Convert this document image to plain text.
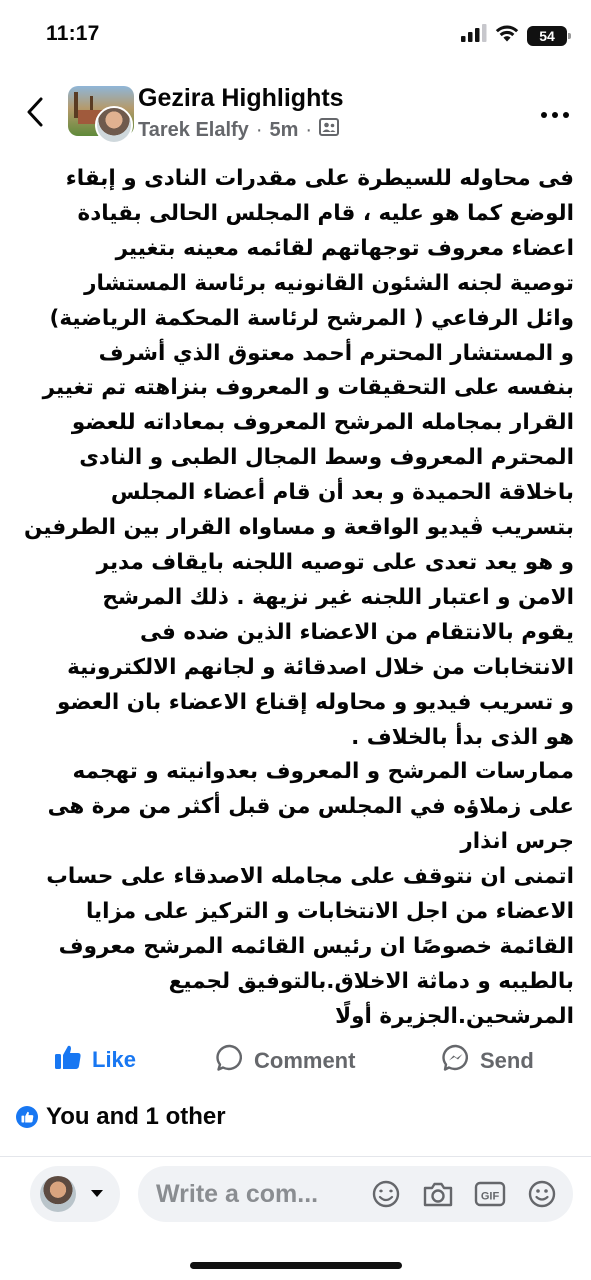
11:17	54
Gezira Highlights
Tarek Elalfy · 5m ·
فى محاوله للسيطرة على مقدرات النادى و إبقاء
الوضع كما هو عليه ، قام المجلس الحالى بقيادة
اعضاء معروف توجهاتهم لقائمه معينه بتغيير
توصية لجنه الشئون القانونيه برئاسة المستشار
وائل الرفاعي ( المرشح لرئاسة المحكمة الرياضية)
و المستشار المحترم أحمد معتوق الذي أشرف
بنفسه على التحقيقات و المعروف بنزاهته تم تغيير
القرار بمجامله المرشح المعروف بمعاداته للعضو
المحترم المعروف وسط المجال الطبى و النادى
باخلاقة الحميدة و بعد أن قام أعضاء المجلس
بتسريب ڤيديو الواقعة و مساواه القرار بين الطرفين
و هو يعد تعدى على توصيه اللجنه بايقاف مدير
الامن و اعتبار اللجنه غير نزيهة . ذلك المرشح
يقوم بالانتقام من الاعضاء الذين ضده فى
الانتخابات من خلال اصدقائة و لجانهم الالكترونية
و تسريب فيديو و محاوله إقناع الاعضاء بان العضو
هو الذى بدأ بالخلاف .
ممارسات المرشح و المعروف بعدوانيته و تهجمه
على زملاؤه في المجلس من قبل أكثر من مرة هى
جرس انذار
اتمنى ان نتوقف على مجامله الاصدقاء على حساب
الاعضاء من اجل الانتخابات و التركيز على مزايا
القائمة خصوصًا ان رئيس القائمه المرشح معروف
بالطيبه و دماثة الاخلاق.بالتوفيق لجميع
المرشحين.الجزيرة أولًا
Like	Comment	Send
You and 1 other
Write a com...	GIF
